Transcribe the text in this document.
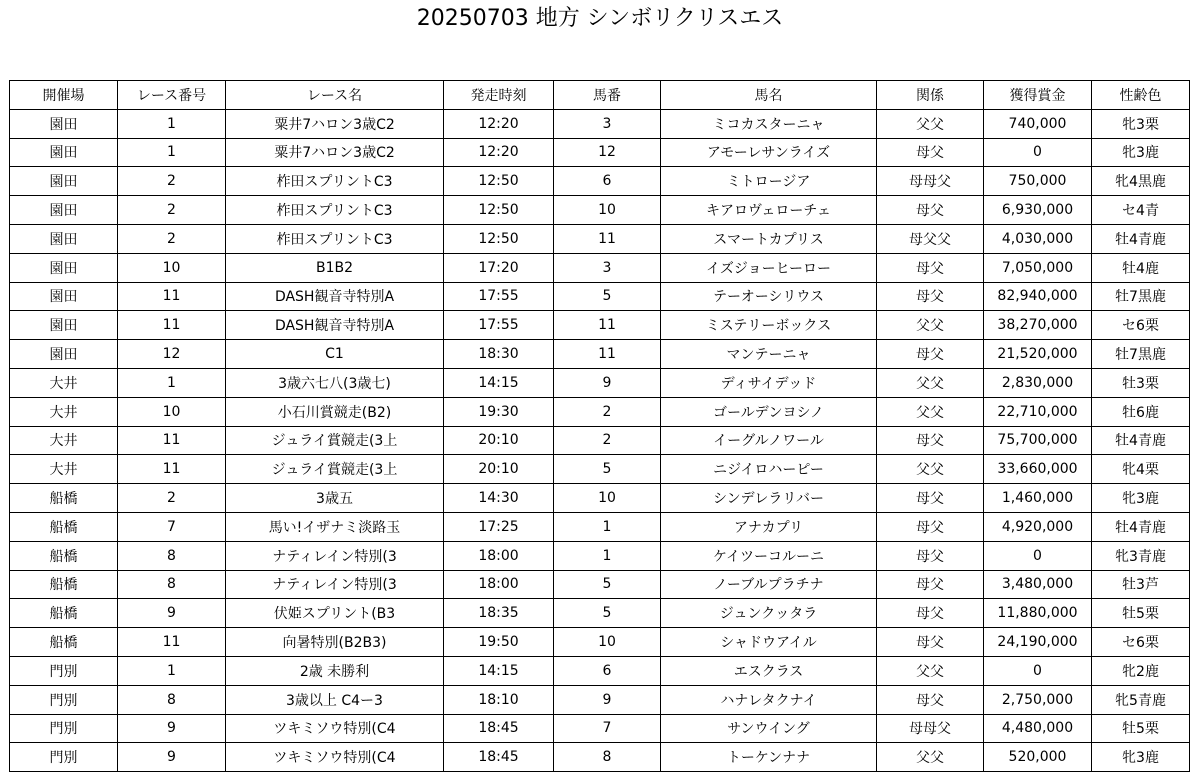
20250703 地方 シンボリクリスエス
開催場	レース番号	レース名	発走時刻	馬番	馬名	関係	獲得賞金	性齢色
園田	1	粟井7ハロン3歳C2	12:20	3	ミコカスターニャ	父父	740,000	牝3栗
園田	1	粟井7ハロン3歳C2	12:20	12	アモーレサンライズ	母父	0	牝3鹿
園田	2	柞田スプリントC3	12:50	6	ミトロージア	母母父	750,000	牝4黒鹿
園田	2	柞田スプリントC3	12:50	10	キアロヴェローチェ	母父	6,930,000	セ4青
園田	2	柞田スプリントC3	12:50	11	スマートカプリス	母父父	4,030,000	牡4青鹿
園田	10	B1B2	17:20	3	イズジョーヒーロー	母父	7,050,000	牡4鹿
園田	11	DASH観音寺特別A	17:55	5	テーオーシリウス	母父	82,940,000	牡7黒鹿
園田	11	DASH観音寺特別A	17:55	11	ミステリーボックス	父父	38,270,000	セ6栗
園田	12	C1	18:30	11	マンテーニャ	母父	21,520,000	牡7黒鹿
大井	1	3歳六七八(3歳七)	14:15	9	ディサイデッド	父父	2,830,000	牡3栗
大井	10	小石川賞競走(B2)	19:30	2	ゴールデンヨシノ	父父	22,710,000	牡6鹿
大井	11	ジュライ賞競走(3上	20:10	2	イーグルノワール	母父	75,700,000	牡4青鹿
大井	11	ジュライ賞競走(3上	20:10	5	ニジイロハーピー	父父	33,660,000	牝4栗
船橋	2	3歳五	14:30	10	シンデレラリバー	母父	1,460,000	牝3鹿
船橋	7	馬い!イザナミ淡路玉	17:25	1	アナカプリ	母父	4,920,000	牡4青鹿
船橋	8	ナティレイン特別(3	18:00	1	ケイツーコルーニ	母父	0	牝3青鹿
船橋	8	ナティレイン特別(3	18:00	5	ノーブルプラチナ	母父	3,480,000	牡3芦
船橋	9	伏姫スプリント(B3	18:35	5	ジュンクッタラ	母父	11,880,000	牡5栗
船橋	11	向暑特別(B2B3)	19:50	10	シャドウアイル	母父	24,190,000	セ6栗
門別	1	2歳 未勝利	14:15	6	エスクラス	父父	0	牝2鹿
門別	8	3歳以上 C4ー3	18:10	9	ハナレタクナイ	母父	2,750,000	牝5青鹿
門別	9	ツキミソウ特別(C4	18:45	7	サンウイング	母母父	4,480,000	牡5栗
門別	9	ツキミソウ特別(C4	18:45	8	トーケンナナ	父父	520,000	牝3鹿
